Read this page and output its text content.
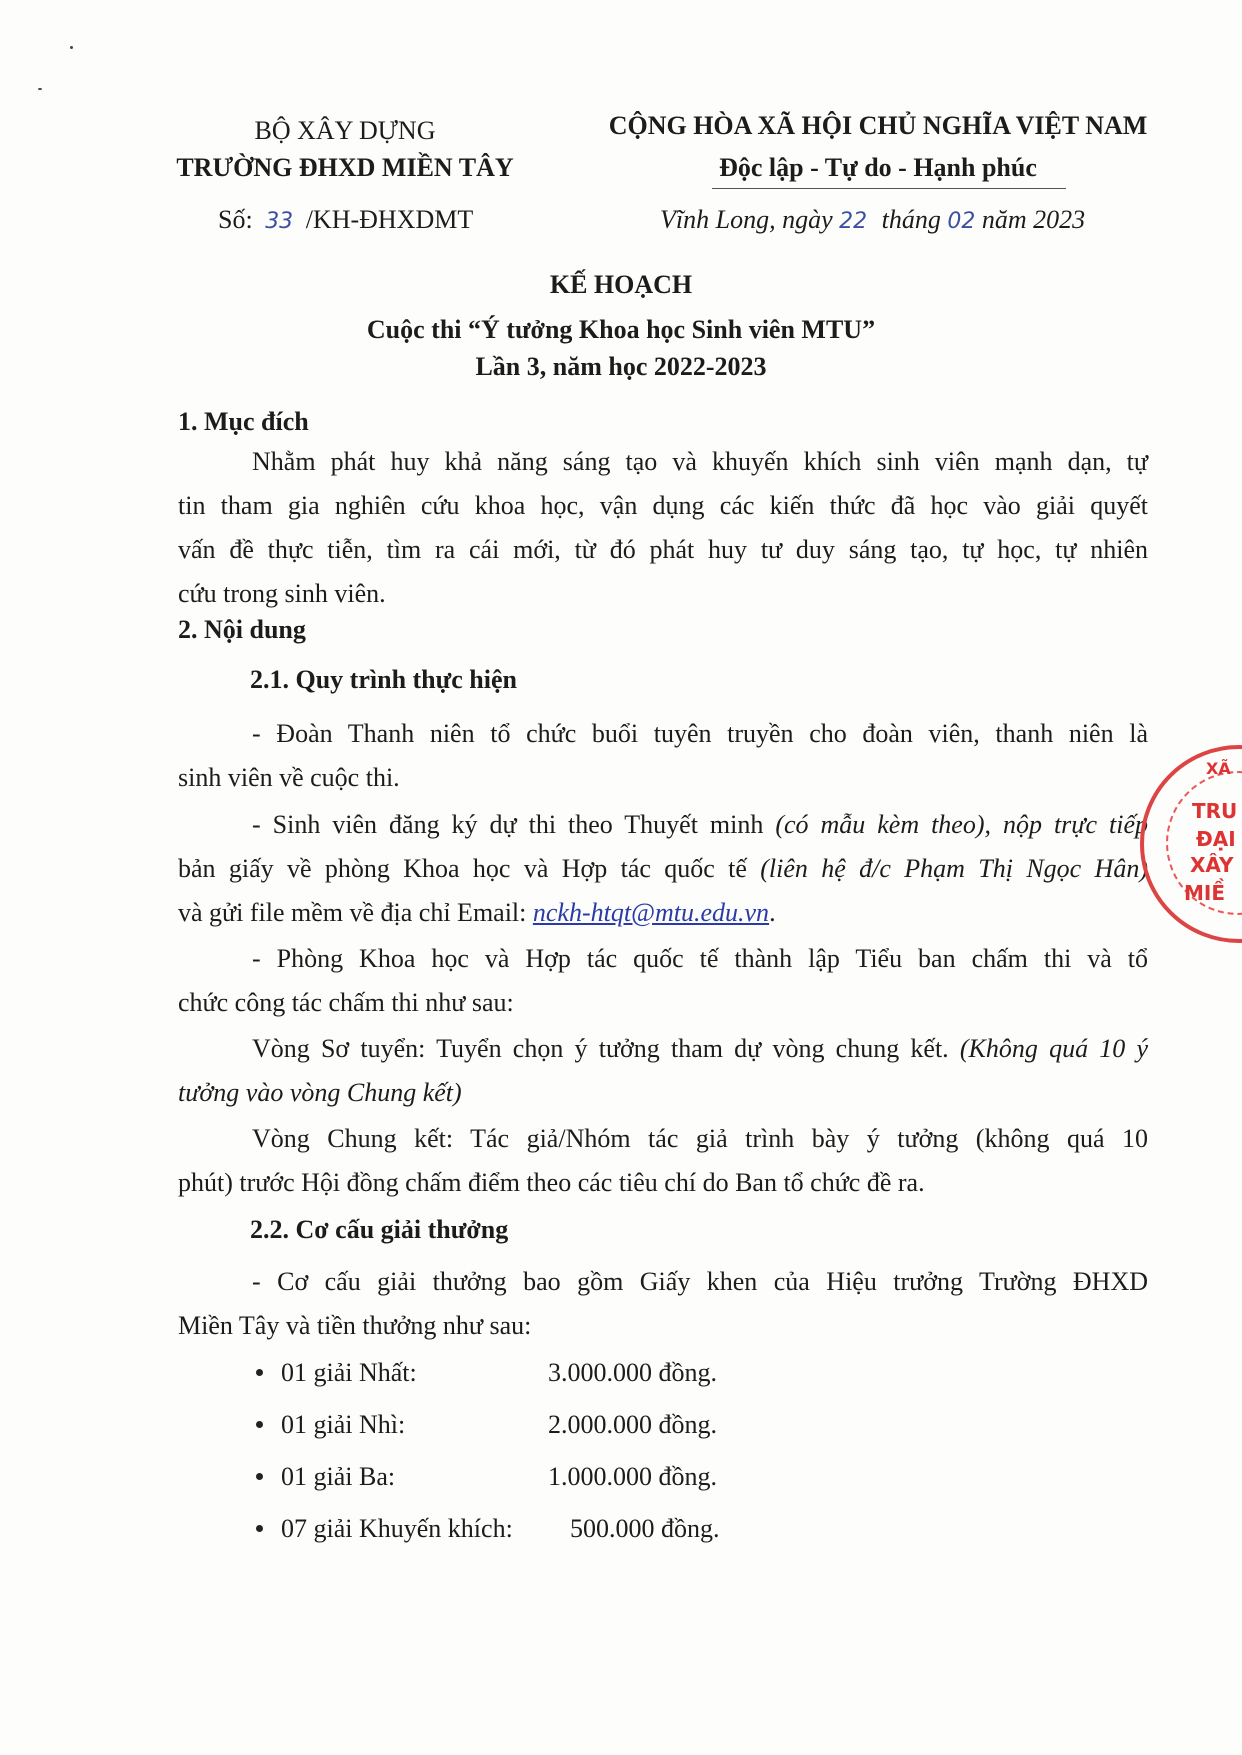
BỘ XÂY DỰNG
TRƯỜNG ĐHXD MIỀN TÂY
Số: 33 /KH-ĐHXDMT
CỘNG HÒA XÃ HỘI CHỦ NGHĨA VIỆT NAM
Độc lập - Tự do - Hạnh phúc
Vĩnh Long, ngày 22 tháng 02 năm 2023
KẾ HOẠCH
Cuộc thi “Ý tưởng Khoa học Sinh viên MTU”
Lần 3, năm học 2022-2023
1. Mục đích
Nhằm phát huy khả năng sáng tạo và khuyến khích sinh viên mạnh dạn, tự
tin tham gia nghiên cứu khoa học, vận dụng các kiến thức đã học vào giải quyết
vấn đề thực tiễn, tìm ra cái mới, từ đó phát huy tư duy sáng tạo, tự học, tự nhiên
cứu trong sinh viên.
2. Nội dung
2.1. Quy trình thực hiện
- Đoàn Thanh niên tổ chức buổi tuyên truyền cho đoàn viên, thanh niên là
sinh viên về cuộc thi.
- Sinh viên đăng ký dự thi theo Thuyết minh (có mẫu kèm theo), nộp trực tiếp
bản giấy về phòng Khoa học và Hợp tác quốc tế (liên hệ đ/c Phạm Thị Ngọc Hân)
và gửi file mềm về địa chỉ Email: nckh-htqt@mtu.edu.vn.
- Phòng Khoa học và Hợp tác quốc tế thành lập Tiểu ban chấm thi và tổ
chức công tác chấm thi như sau:
Vòng Sơ tuyển: Tuyển chọn ý tưởng tham dự vòng chung kết. (Không quá 10 ý
tưởng vào vòng Chung kết)
Vòng Chung kết: Tác giả/Nhóm tác giả trình bày ý tưởng (không quá 10
phút) trước Hội đồng chấm điểm theo các tiêu chí do Ban tổ chức đề ra.
2.2. Cơ cấu giải thưởng
- Cơ cấu giải thưởng bao gồm Giấy khen của Hiệu trưởng Trường ĐHXD
Miền Tây và tiền thưởng như sau:
01 giải Nhất:	3.000.000 đồng.
01 giải Nhì:	2.000.000 đồng.
01 giải Ba:	1.000.000 đồng.
07 giải Khuyến khích: 500.000 đồng.
XÃ
TRU
ĐẠI
XÂY
MIỀ
